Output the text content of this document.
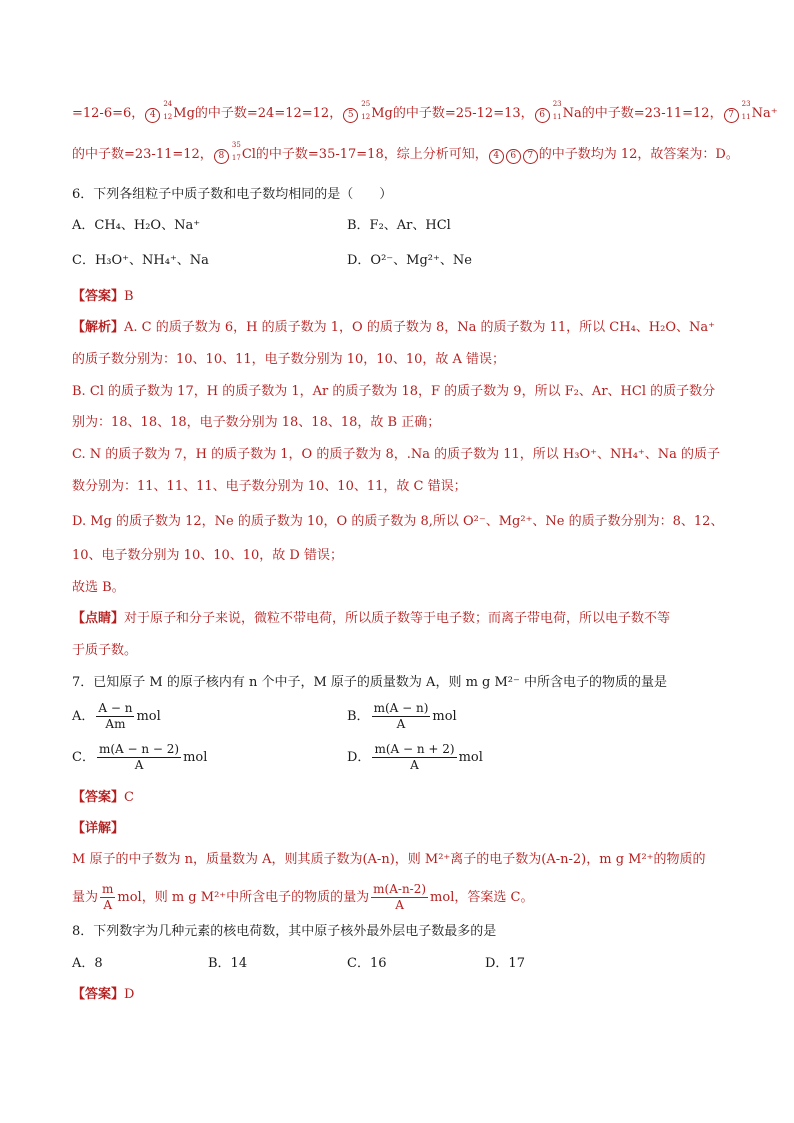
=12-6=6， 4
24
12 Mg的中子数=24=12=12， 5
25
12 Mg的中子数=25-12=13， 6
23
11 Na的中子数=23-11=12， 7
23
11 Na⁺
的中子数=23-11=12， 8
35
17 Cl的中子数=35-17=18，综上分析可知， 4 6 7 的中子数均为 12，故答案为：D。
6．下列各组粒子中质子数和电子数均相同的是（　　）
A．CH₄、H₂O、Na⁺	B．F₂、Ar、HCl
C．H₃O⁺、NH₄⁺、Na	D．O²⁻、Mg²⁺、Ne
【答案】B
【解析】A. C 的质子数为 6，H 的质子数为 1，O 的质子数为 8，Na 的质子数为 11，所以 CH₄、H₂O、Na⁺
的质子数分别为：10、10、11，电子数分别为 10，10、10，故 A 错误；
B. Cl 的质子数为 17，H 的质子数为 1，Ar 的质子数为 18，F 的质子数为 9，所以 F₂、Ar、HCl 的质子数分
别为：18、18、18，电子数分别为 18、18、18，故 B 正确；
C. N 的质子数为 7，H 的质子数为 1，O 的质子数为 8，.Na 的质子数为 11，所以 H₃O⁺、NH₄⁺、Na 的质子
数分别为：11、11、11、电子数分别为 10、10、11，故 C 错误；
D. Mg 的质子数为 12，Ne 的质子数为 10，O 的质子数为 8,所以 O²⁻、Mg²⁺、Ne 的质子数分别为：8、12、
10、电子数分别为 10、10、10，故 D 错误；
故选 B。
【点睛】对于原子和分子来说，微粒不带电荷，所以质子数等于电子数；而离子带电荷，所以电子数不等
于质子数。
7．已知原子 M 的原子核内有 n 个中子，M 原子的质量数为 A，则 m g M²⁻ 中所含电子的物质的量是
A． $\frac{A - n}{Am}$ mol	B． $\frac{m(A - n)}{A}$ mol
C． $\frac{m(A - n - 2)}{A}$ mol	D． $\frac{m(A - n + 2)}{A}$ mol
【答案】C
【详解】
M 原子的中子数为 n，质量数为 A，则其质子数为(A-n)，则 M²⁺离子的电子数为(A-n-2)，m g M²⁺的物质的
量为 $\frac{m}{A}$ mol，则 m g M²⁺中所含电子的物质的量为 $\frac{m(A-n-2)}{A}$ mol，答案选 C。
8．下列数字为几种元素的核电荷数，其中原子核外最外层电子数最多的是
A．8	B．14	C．16	D．17
【答案】D
